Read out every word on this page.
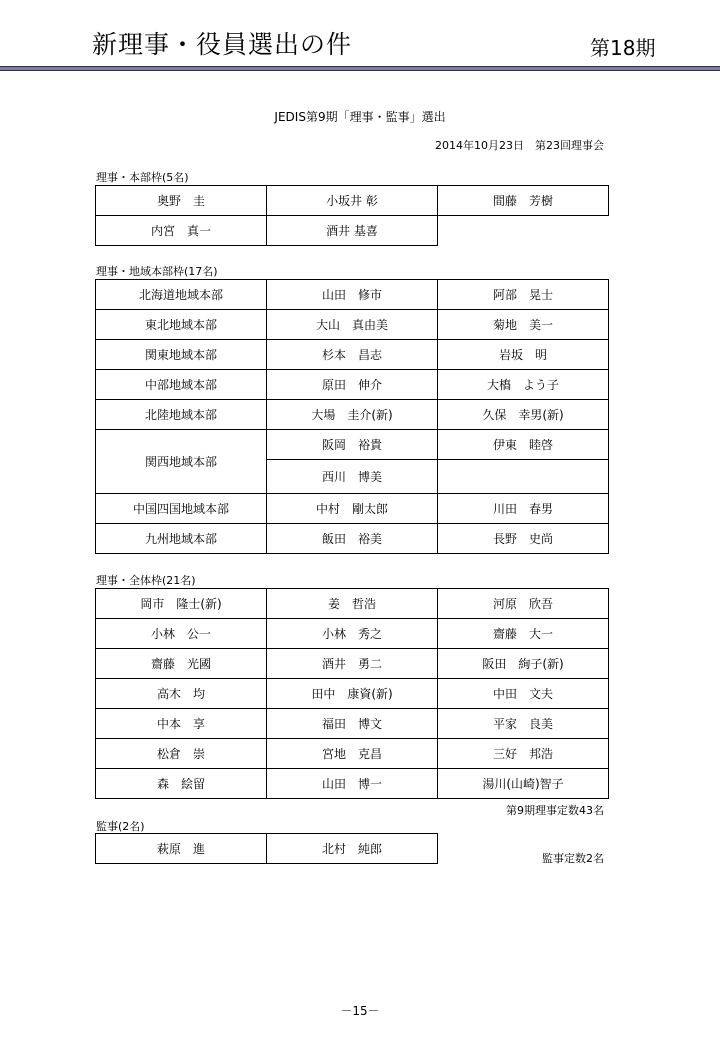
新理事・役員選出の件	第18期
JEDIS第9期「理事・監事」選出
2014年10月23日　第23回理事会
理事・本部枠(5名)
奥野　圭	小坂井 彰	間藤　芳樹
内宮　真一	酒井 基喜	
理事・地域本部枠(17名)
北海道地域本部	山田　修市	阿部　晃士
東北地域本部	大山　真由美	菊地　美一
関東地域本部	杉本　昌志	岩坂　明
中部地域本部	原田　伸介	大槗　よう子
北陸地域本部	大場　圭介(新)	久保　幸男(新)
関西地域本部	阪岡　裕貴	伊東　睦啓
	西川　博美	
中国四国地域本部	中村　剛太郎	川田　春男
九州地域本部	飯田　裕美	長野　史尚
理事・全体枠(21名)
岡市　隆士(新)	姜　哲浩	河原　欣吾
小林　公一	小林　秀之	齋藤　大一
齋藤　光國	酒井　勇二	阪田　絢子(新)
高木　均	田中　康資(新)	中田　文夫
中本　享	福田　博文	平家　良美
松倉　崇	宮地　克昌	三好　邦浩
森　絵留	山田　博一	湯川(山崎)智子
第9期理事定数43名
監事(2名)
萩原　進	北村　純郎
監事定数2名
－15－
